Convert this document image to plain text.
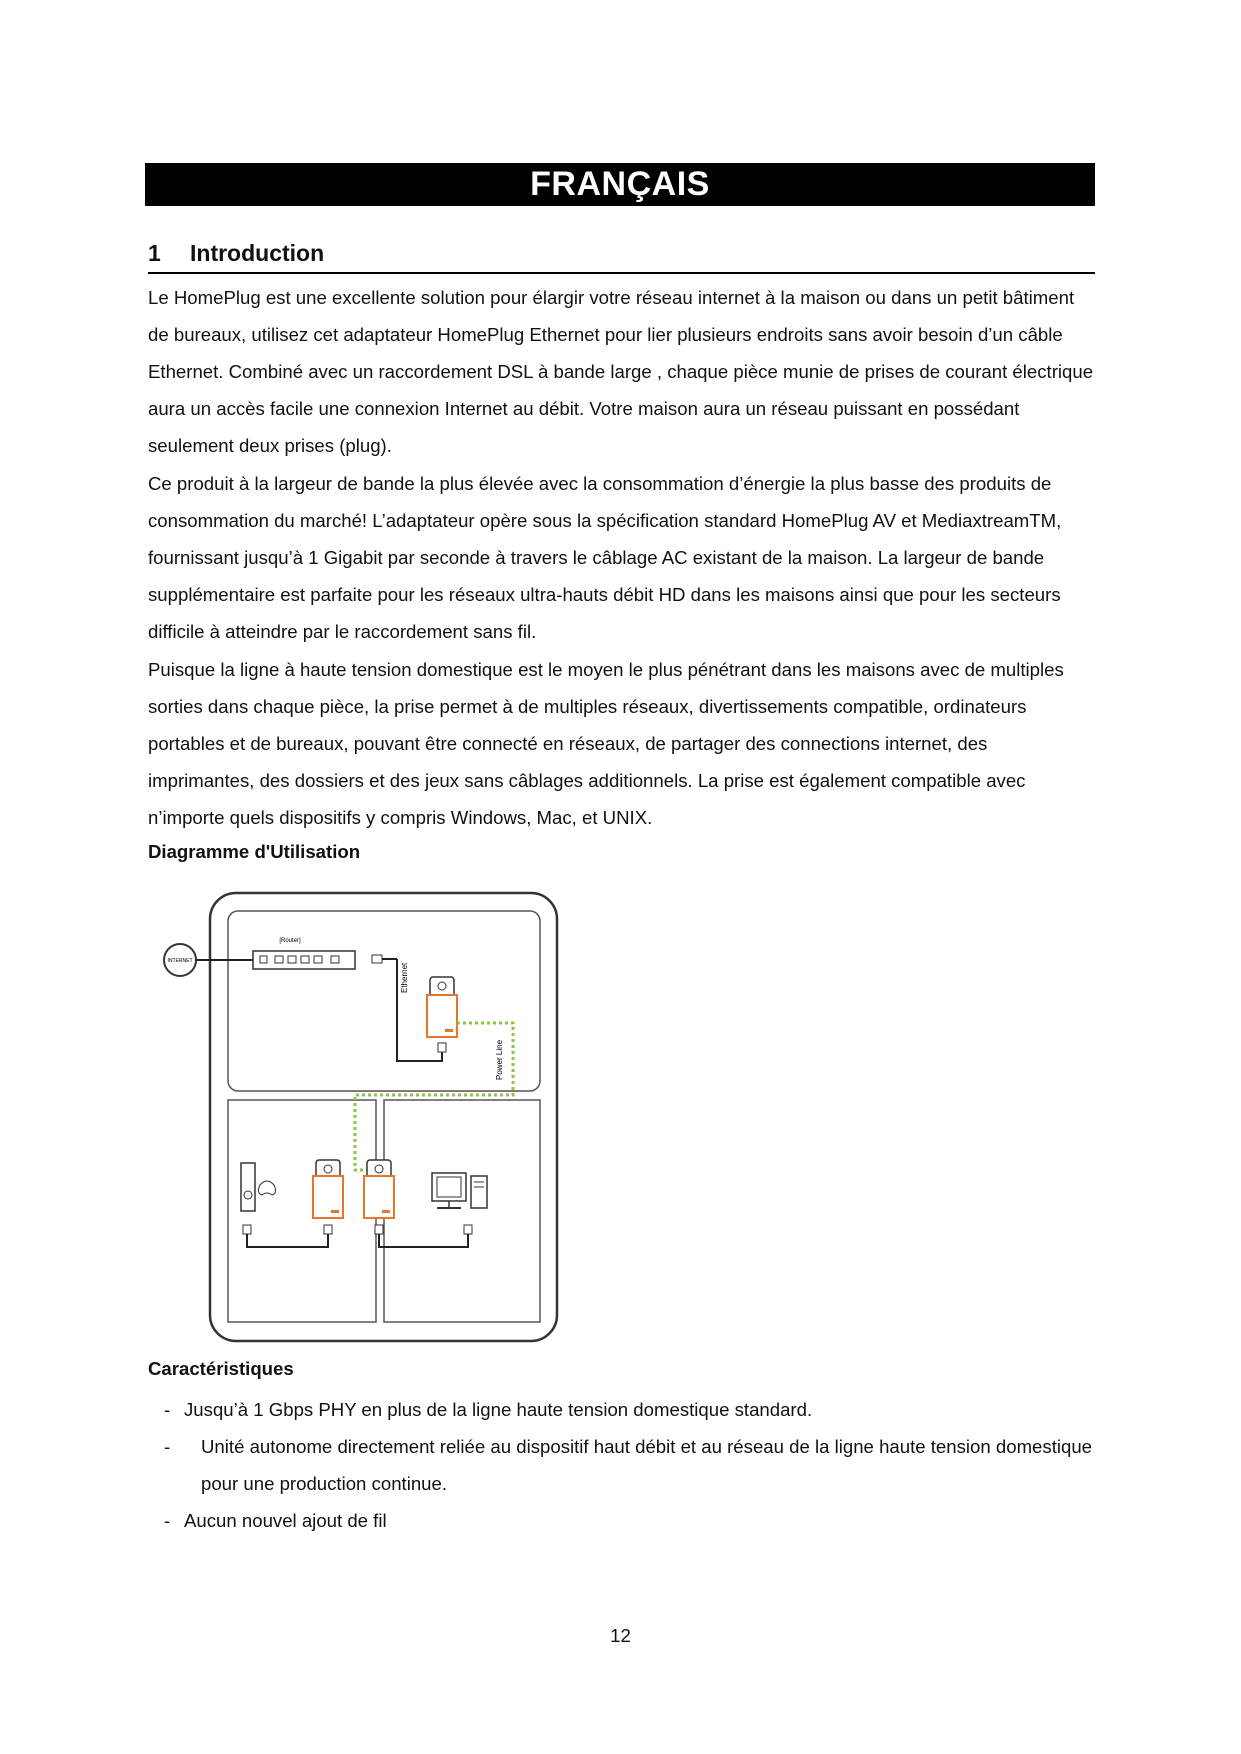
FRANÇAIS
1 Introduction

Le HomePlug est une excellente solution pour élargir votre réseau internet à la maison ou dans un petit bâtiment de bureaux, utilisez cet adaptateur HomePlug Ethernet pour lier plusieurs endroits sans avoir besoin d’un câble Ethernet. Combiné avec un raccordement DSL à bande large , chaque pièce munie de prises de courant électrique aura un accès facile une connexion Internet au débit. Votre maison aura un réseau puissant en possédant seulement deux prises (plug).

Ce produit à la largeur de bande la plus élevée avec la consommation d’énergie la plus basse des produits de consommation du marché! L’adaptateur opère sous la spécification standard HomePlug AV et MediaxtreamTM, fournissant jusqu’à 1 Gigabit par seconde à travers le câblage AC existant de la maison. La largeur de bande supplémentaire est parfaite pour les réseaux ultra-hauts débit HD dans les maisons ainsi que pour les secteurs difficile à atteindre par le raccordement sans fil.

Puisque la ligne à haute tension domestique est le moyen le plus pénétrant dans les maisons avec de multiples sorties dans chaque pièce, la prise permet à de multiples réseaux, divertissements compatible, ordinateurs portables et de bureaux, pouvant être connecté en réseaux, de partager des connections internet, des imprimantes, des dossiers et des jeux sans câblages additionnels. La prise est également compatible avec n’importe quels dispositifs y compris Windows, Mac, et UNIX.

Diagramme d'Utilisation
INTERNET
[Router]
Ethernet
Power Line
Caractéristiques
- Jusqu’à 1 Gbps PHY en plus de la ligne haute tension domestique standard.
- Unité autonome directement reliée au dispositif haut débit et au réseau de la ligne haute tension domestique pour une production continue.
- Aucun nouvel ajout de fil
12
